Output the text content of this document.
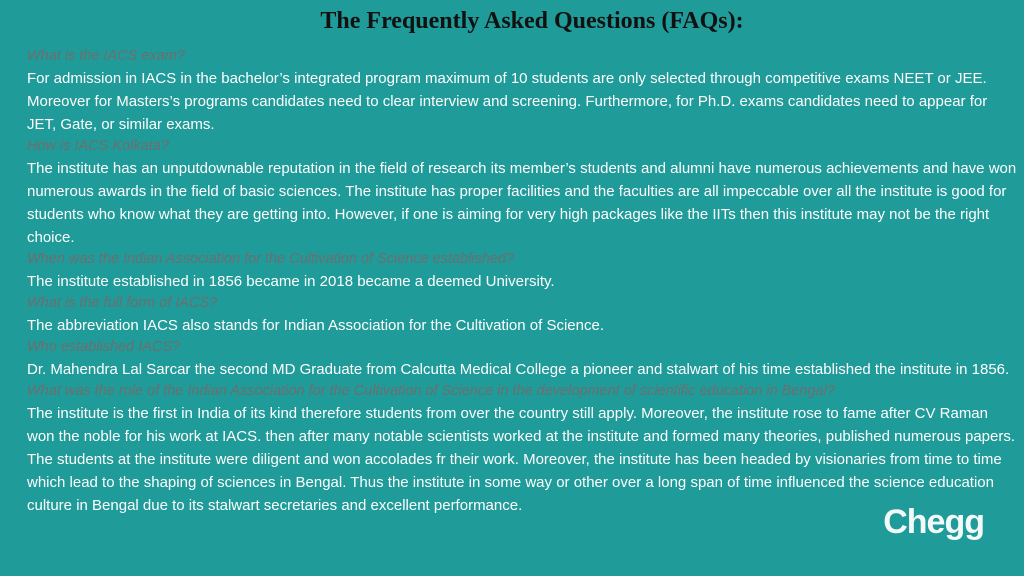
The Frequently Asked Questions (FAQs):
What is the IACS exam?

For admission in IACS in the bachelor’s integrated program maximum of 10 students are only selected through competitive exams NEET or JEE. Moreover for Masters’s programs candidates need to clear interview and screening. Furthermore, for Ph.D. exams candidates need to appear for JET, Gate, or similar exams.

How is IACS Kolkata?

The institute has an unputdownable reputation in the field of research its member’s students and alumni have numerous achievements and have won numerous awards in the field of basic sciences. The institute has proper facilities and the faculties are all impeccable over all the institute is good for students who know what they are getting into. However, if one is aiming for very high packages like the IITs then this institute may not be the right choice.

When was the Indian Association for the Cultivation of Science established?

The institute established in 1856 became in 2018 became a deemed University.

What is the full form of IACS?

The abbreviation IACS also stands for Indian Association for the Cultivation of Science.

Who established IACS?

Dr. Mahendra Lal Sarcar the second MD Graduate from Calcutta Medical College a pioneer and stalwart of his time established the institute in 1856.

What was the role of the Indian Association for the Cultivation of Science in the development of scientific education in Bengal?

The institute is the first in India of its kind therefore students from over the country still apply. Moreover, the institute rose to fame after CV Raman won the noble for his work at IACS. then after many notable scientists worked at the institute and formed many theories, published numerous papers. The students at the institute were diligent and won accolades fr their work. Moreover, the institute has been headed by visionaries from time to time which lead to the shaping of sciences in Bengal. Thus the institute in some way or other over a long span of time influenced the science education culture in Bengal due to its stalwart secretaries and excellent performance.	Chegg
